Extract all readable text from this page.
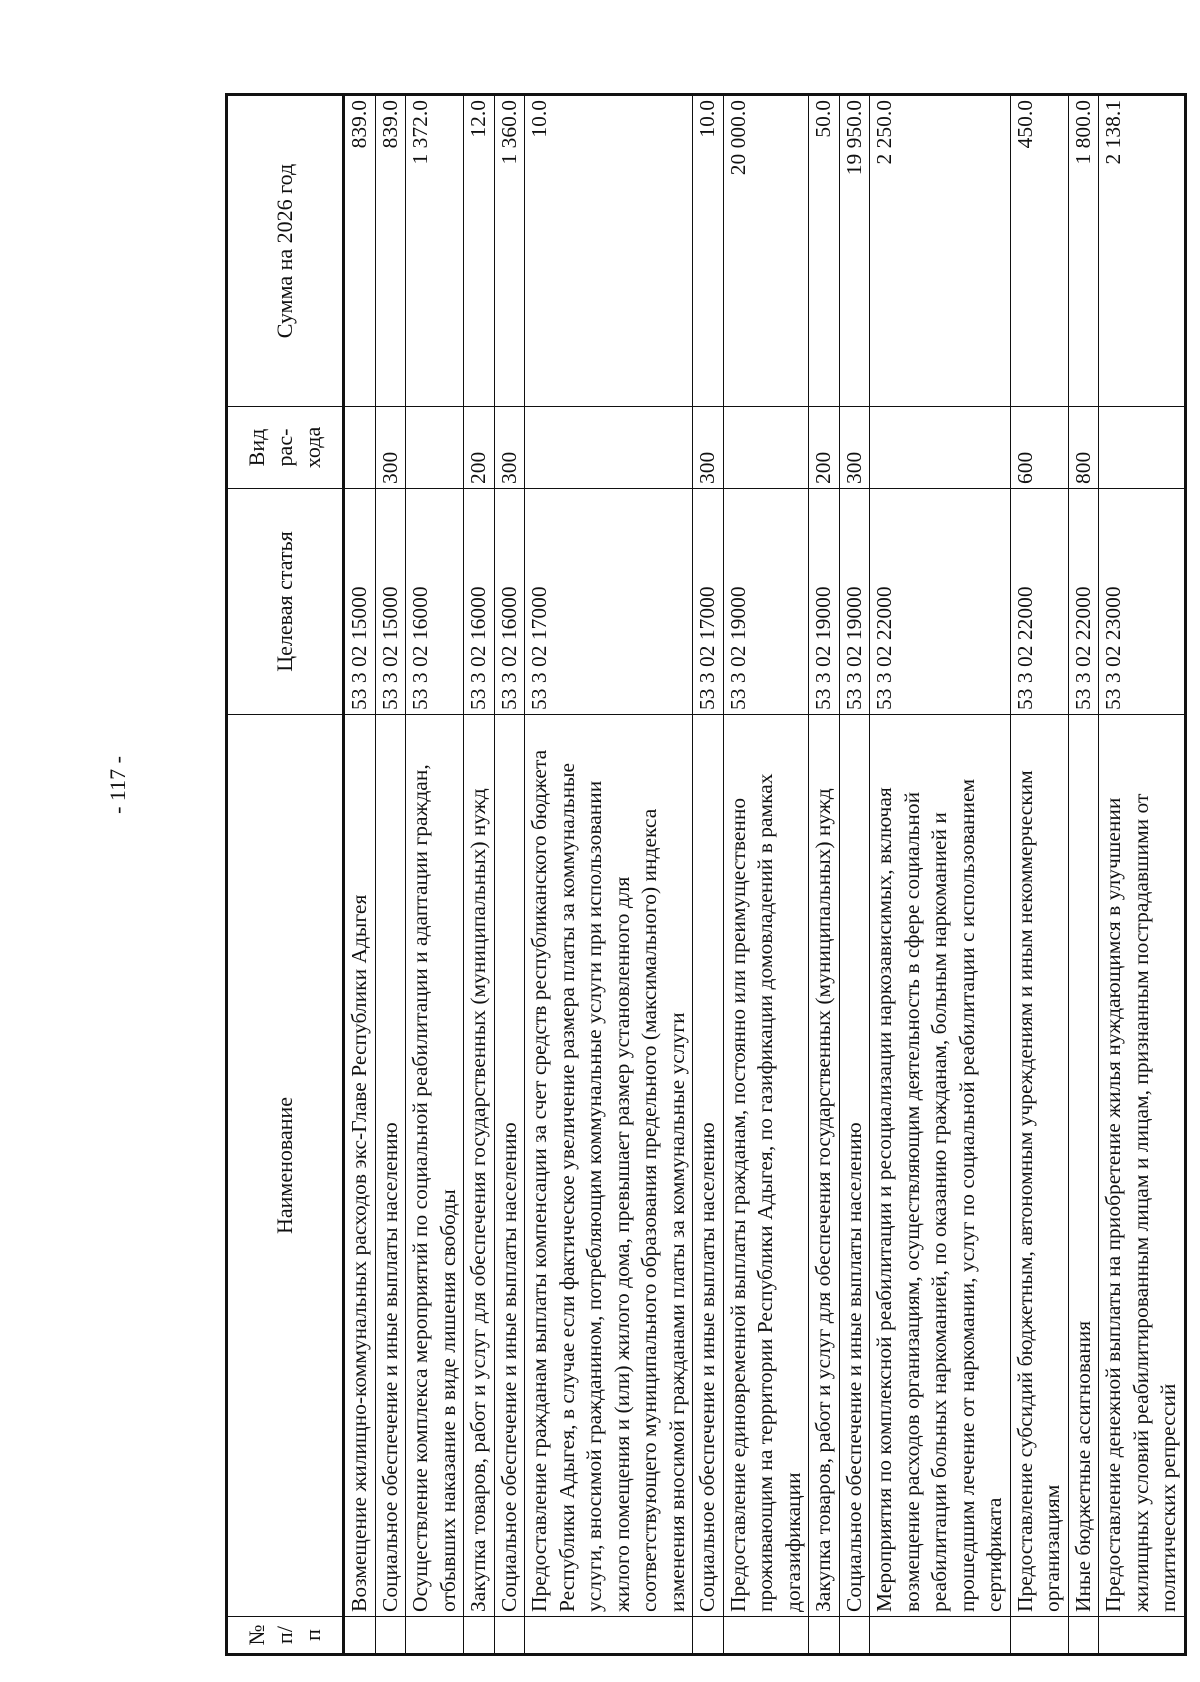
- 117 -
№ п/п	Наименование	Целевая статья	Вид рас-хода	Сумма на 2026 год
	Возмещение жилищно-коммунальных расходов экс-Главе Республики Адыгея	53 3 02 15000		839.0
	Социальное обеспечение и иные выплаты населению	53 3 02 15000	300	839.0
	Осуществление комплекса мероприятий по социальной реабилитации и адаптации граждан, отбывших наказание в виде лишения свободы	53 3 02 16000		1 372.0
	Закупка товаров, работ и услуг для обеспечения государственных (муниципальных) нужд	53 3 02 16000	200	12.0
	Социальное обеспечение и иные выплаты населению	53 3 02 16000	300	1 360.0
	Предоставление гражданам выплаты компенсации за счет средств республиканского бюджета Республики Адыгея, в случае если фактическое увеличение размера платы за коммунальные услуги, вносимой гражданином, потребляющим коммунальные услуги при использовании жилого помещения и (или) жилого дома, превышает размер установленного для соответствующего муниципального образования предельного (максимального) индекса изменения вносимой гражданами платы за коммунальные услуги	53 3 02 17000		10.0
	Социальное обеспечение и иные выплаты населению	53 3 02 17000	300	10.0
	Предоставление единовременной выплаты гражданам, постоянно или преимущественно проживающим на территории Республики Адыгея, по газификации домовладений в рамках догазификации	53 3 02 19000		20 000.0
	Закупка товаров, работ и услуг для обеспечения государственных (муниципальных) нужд	53 3 02 19000	200	50.0
	Социальное обеспечение и иные выплаты населению	53 3 02 19000	300	19 950.0
	Мероприятия по комплексной реабилитации и ресоциализации наркозависимых, включая возмещение расходов организациям, осуществляющим деятельность в сфере социальной реабилитации больных наркоманией, по оказанию гражданам, больным наркоманией и прошедшим лечение от наркомании, услуг по социальной реабилитации с использованием сертификата	53 3 02 22000		2 250.0
	Предоставление субсидий бюджетным, автономным учреждениям и иным некоммерческим организациям	53 3 02 22000	600	450.0
	Иные бюджетные ассигнования	53 3 02 22000	800	1 800.0
	Предоставление денежной выплаты на приобретение жилья нуждающимся в улучшении жилищных условий реабилитированным лицам и лицам, признанным пострадавшими от политических репрессий	53 3 02 23000		2 138.1
